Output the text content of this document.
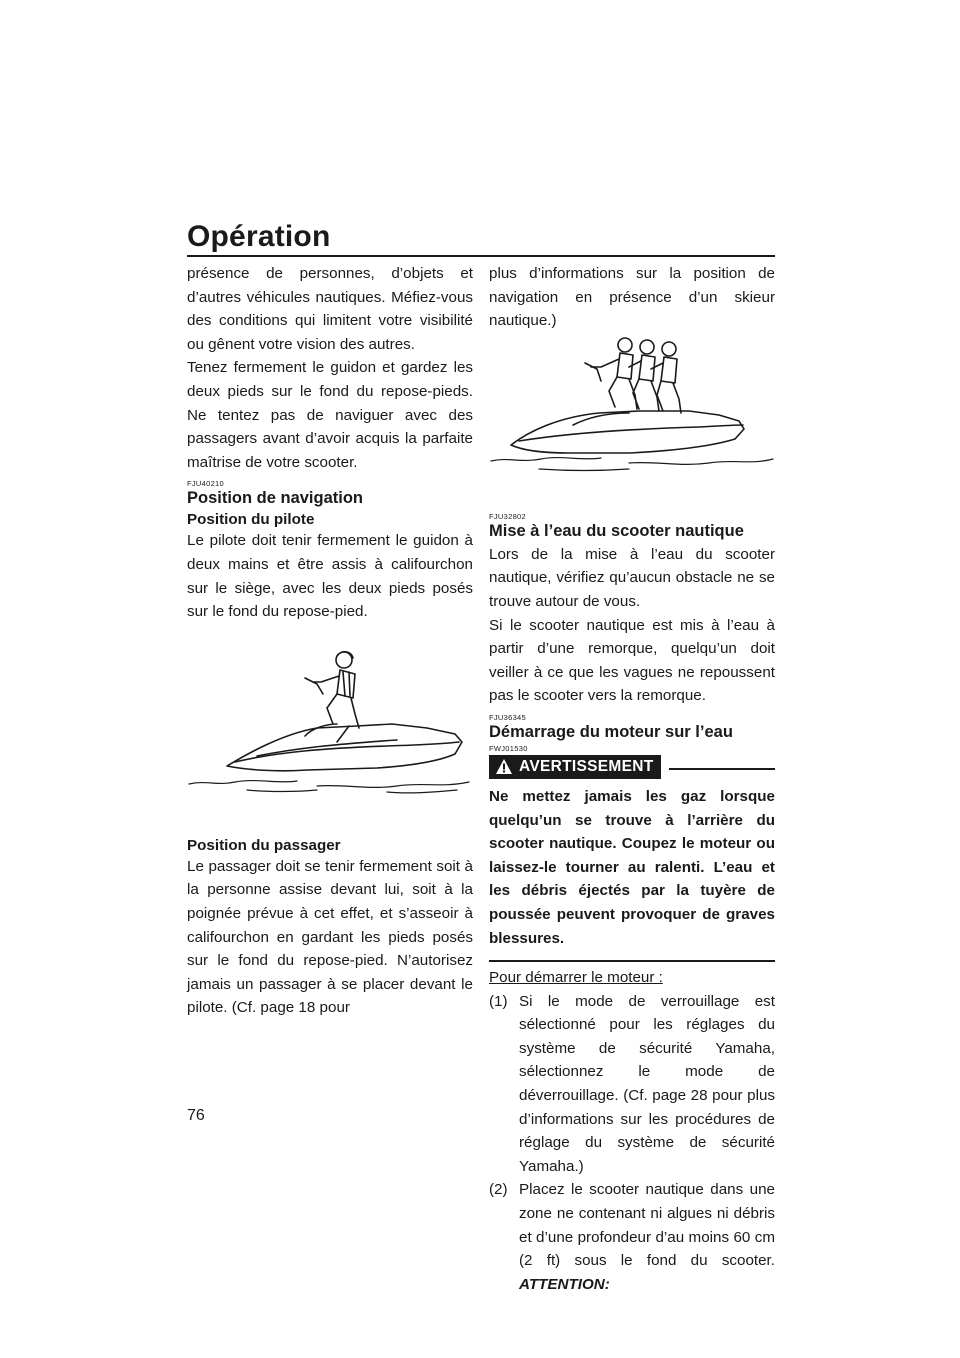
Opération

présence de personnes, d’objets et d’autres véhicules nautiques. Méfiez-vous des conditions qui limitent votre visibilité ou gênent votre vision des autres.

Tenez fermement le guidon et gardez les deux pieds sur le fond du repose-pieds. Ne tentez pas de naviguer avec des passagers avant d’avoir acquis la parfaite maîtrise de votre scooter.

FJU40210
Position de navigation
Position du pilote

Le pilote doit tenir fermement le guidon à deux mains et être assis à califourchon sur le siège, avec les deux pieds posés sur le fond du repose-pied.

Position du passager

Le passager doit se tenir fermement soit à la personne assise devant lui, soit à la poignée prévue à cet effet, et s’asseoir à califourchon en gardant les pieds posés sur le fond du repose-pied. N’autorisez jamais un passager à se placer devant le pilote. (Cf. page 18 pour

plus d’informations sur la position de navigation en présence d’un skieur nautique.)

FJU32802
Mise à l’eau du scooter nautique

Lors de la mise à l’eau du scooter nautique, vérifiez qu’aucun obstacle ne se trouve autour de vous.

Si le scooter nautique est mis à l’eau à partir d’une remorque, quelqu’un doit veiller à ce que les vagues ne repoussent pas le scooter vers la remorque.

FJU36345
Démarrage du moteur sur l’eau
FWJ01530
AVERTISSEMENT

Ne mettez jamais les gaz lorsque quelqu’un se trouve à l’arrière du scooter nautique. Coupez le moteur ou laissez-le tourner au ralenti. L’eau et les débris éjectés par la tuyère de poussée peuvent provoquer de graves blessures.

Pour démarrer le moteur :

(1) Si le mode de verrouillage est sélectionné pour les réglages du système de sécurité Yamaha, sélectionnez le mode de déverrouillage. (Cf. page 28 pour plus d’informations sur les procédures de réglage du système de sécurité Yamaha.)
(2) Placez le scooter nautique dans une zone ne contenant ni algues ni débris et d’une profondeur d’au moins 60 cm (2 ft) sous le fond du scooter. ATTENTION:
76
